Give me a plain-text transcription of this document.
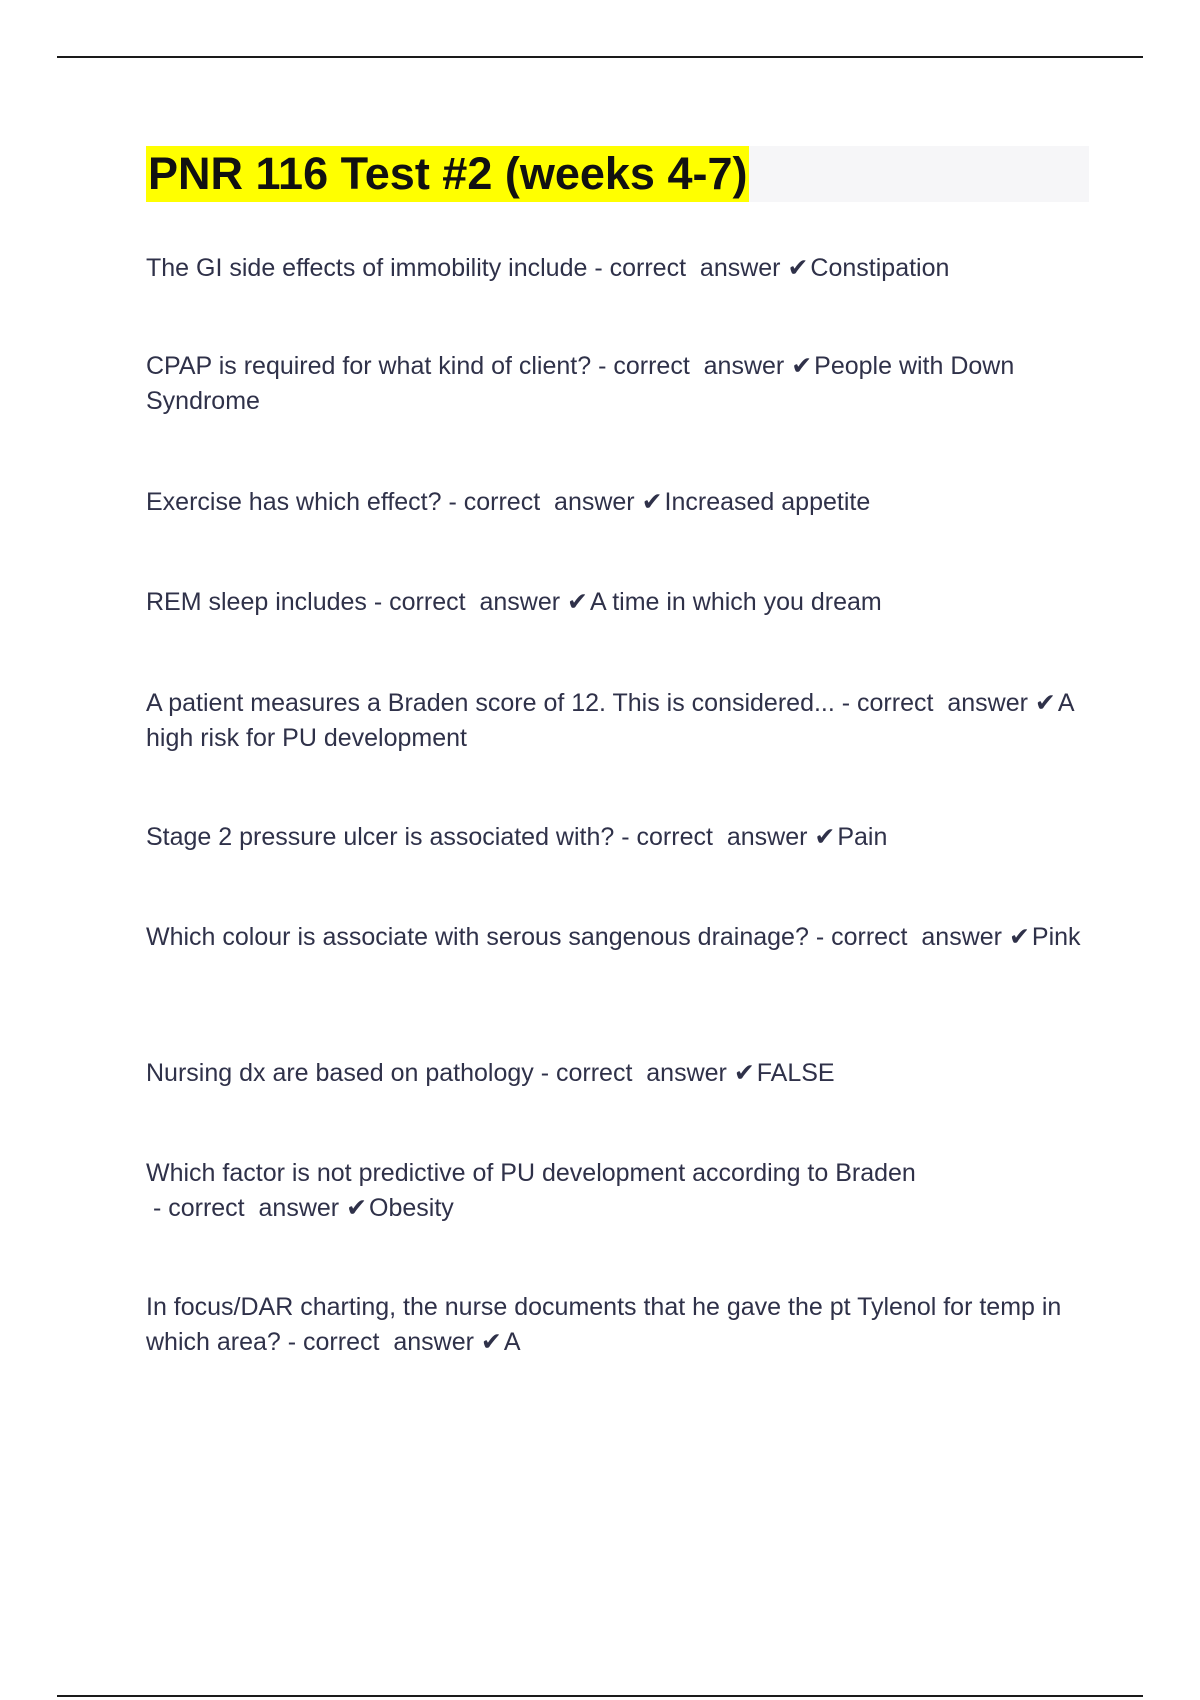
PNR 116 Test #2 (weeks 4-7)
The GI side effects of immobility include - correct  answer ✔Constipation
CPAP is required for what kind of client? - correct  answer ✔People with Down Syndrome
Exercise has which effect? - correct  answer ✔Increased appetite
REM sleep includes - correct  answer ✔A time in which you dream
A patient measures a Braden score of 12. This is considered... - correct  answer ✔A high risk for PU development
Stage 2 pressure ulcer is associated with? - correct  answer ✔Pain
Which colour is associate with serous sangenous drainage? - correct  answer ✔Pink
Nursing dx are based on pathology - correct  answer ✔FALSE
Which factor is not predictive of PU development according to Braden - correct  answer ✔Obesity
In focus/DAR charting, the nurse documents that he gave the pt Tylenol for temp in which area? - correct  answer ✔A
